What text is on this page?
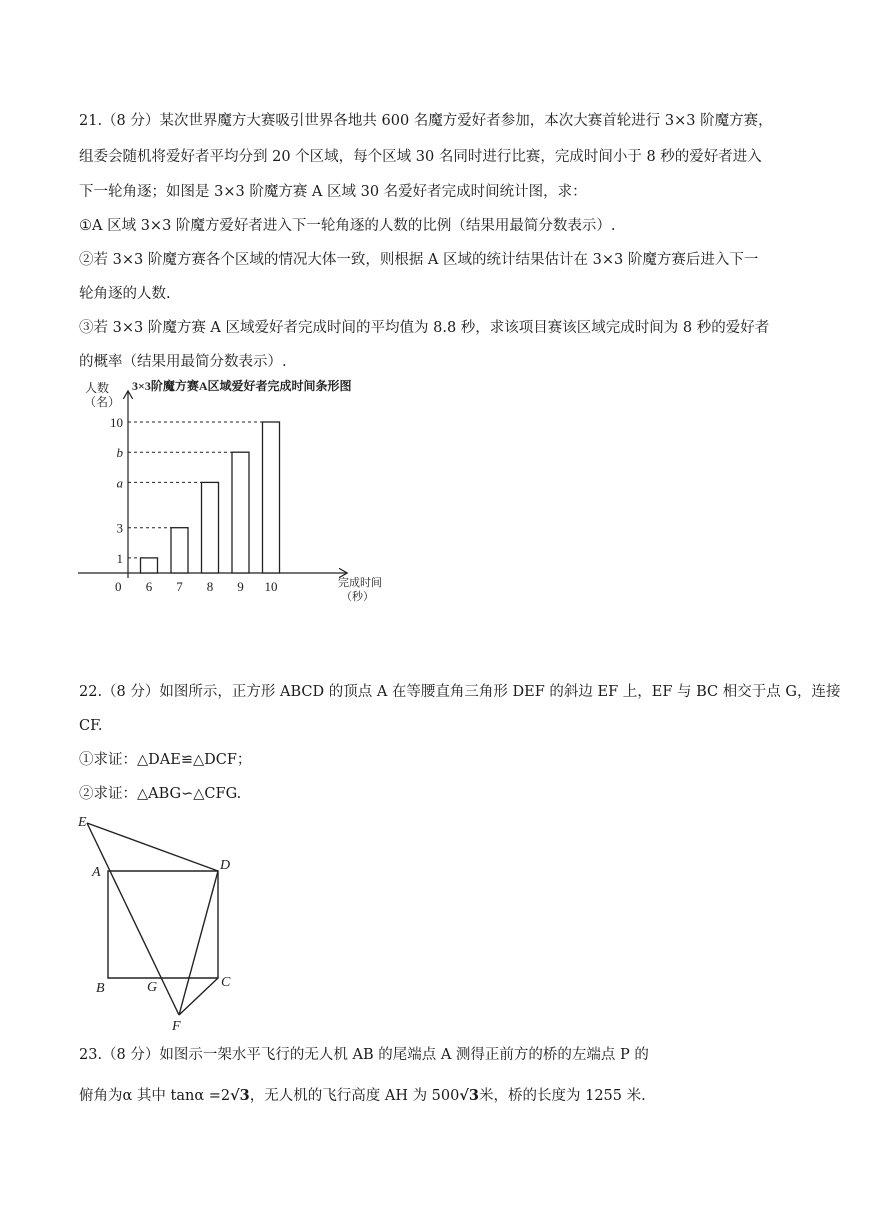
21.（8 分）某次世界魔方大赛吸引世界各地共 600 名魔方爱好者参加，本次大赛首轮进行 3×3 阶魔方赛，
组委会随机将爱好者平均分到 20 个区域，每个区域 30 名同时进行比赛，完成时间小于 8 秒的爱好者进入
下一轮角逐；如图是 3×3 阶魔方赛 A 区域 30 名爱好者完成时间统计图，求：
①A 区域 3×3 阶魔方爱好者进入下一轮角逐的人数的比例（结果用最简分数表示）.
②若 3×3 阶魔方赛各个区域的情况大体一致，则根据 A 区域的统计结果估计在 3×3 阶魔方赛后进入下一
轮角逐的人数.
③若 3×3 阶魔方赛 A 区域爱好者完成时间的平均值为 8.8 秒，求该项目赛该区域完成时间为 8 秒的爱好者
的概率（结果用最简分数表示）.
3×3阶魔方赛A区域爱好者完成时间条形图
人数
（名）
0	完成时间
（秒）
6 7 8 9 10
1
3
a
b
10
22.（8 分）如图所示，正方形 ABCD 的顶点 A 在等腰直角三角形 DEF 的斜边 EF 上，EF 与 BC 相交于点 G，连接
CF.
①求证：△DAE≌△DCF；
②求证：△ABG∽△CFG.
E
A	D
B	G	C
F
23.（8 分）如图示一架水平飞行的无人机 AB 的尾端点 A 测得正前方的桥的左端点 P 的
俯角为α 其中 tanα =2√3，无人机的飞行高度 AH 为 500√3米，桥的长度为 1255 米.
